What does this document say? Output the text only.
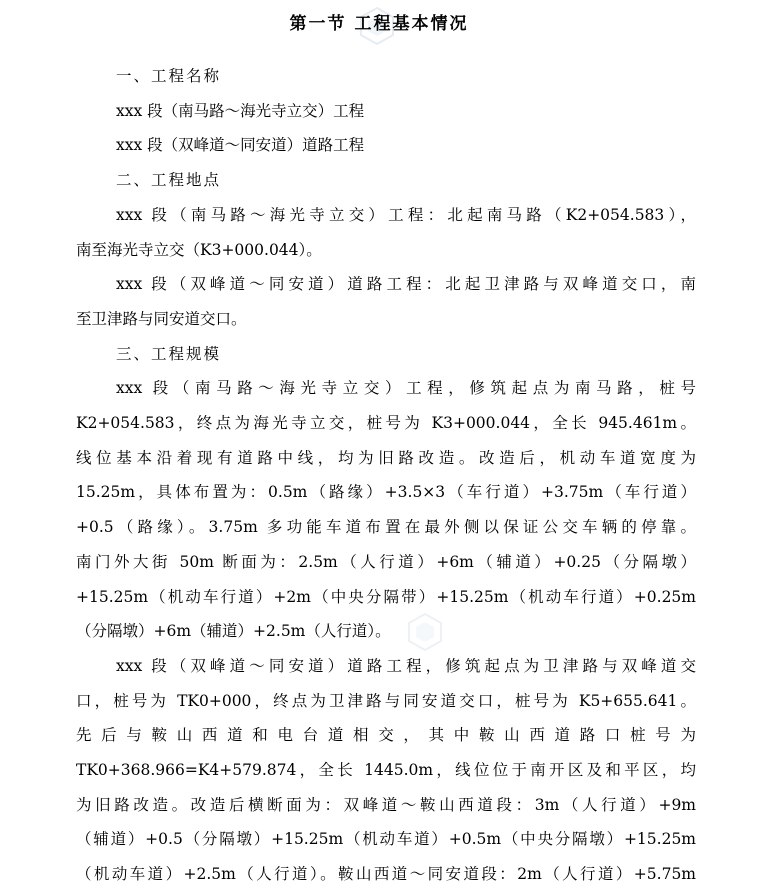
第一节 工程基本情况
一、工程名称
xxx 段（南马路～海光寺立交）工程
xxx 段（双峰道～同安道）道路工程
二、工程地点
xxx 段（南马路～海光寺立交）工程：北起南马路（K2+054.583），
南至海光寺立交（K3+000.044）。
xxx 段（双峰道～同安道）道路工程：北起卫津路与双峰道交口，南
至卫津路与同安道交口。
三、工程规模
xxx 段（南马路～海光寺立交）工程，修筑起点为南马路，桩号
K2+054.583，终点为海光寺立交，桩号为 K3+000.044，全长 945.461m。
线位基本沿着现有道路中线，均为旧路改造。改造后，机动车道宽度为
15.25m，具体布置为：0.5m（路缘）+3.5×3（车行道）+3.75m（车行道）
+0.5（路缘）。3.75m 多功能车道布置在最外侧以保证公交车辆的停靠。
南门外大街 50m 断面为：2.5m（人行道）+6m（辅道）+0.25（分隔墩）
+15.25m（机动车行道）+2m（中央分隔带）+15.25m（机动车行道）+0.25m
（分隔墩）+6m（辅道）+2.5m（人行道）。
xxx 段（双峰道～同安道）道路工程，修筑起点为卫津路与双峰道交
口，桩号为 TK0+000，终点为卫津路与同安道交口，桩号为 K5+655.641。
先后与鞍山西道和电台道相交，其中鞍山西道路口桩号为
TK0+368.966=K4+579.874，全长 1445.0m，线位位于南开区及和平区，均
为旧路改造。改造后横断面为：双峰道～鞍山西道段：3m（人行道）+9m
（辅道）+0.5（分隔墩）+15.25m（机动车道）+0.5m（中央分隔墩）+15.25m
（机动车道）+2.5m（人行道）。鞍山西道～同安道段：2m（人行道）+5.75m
